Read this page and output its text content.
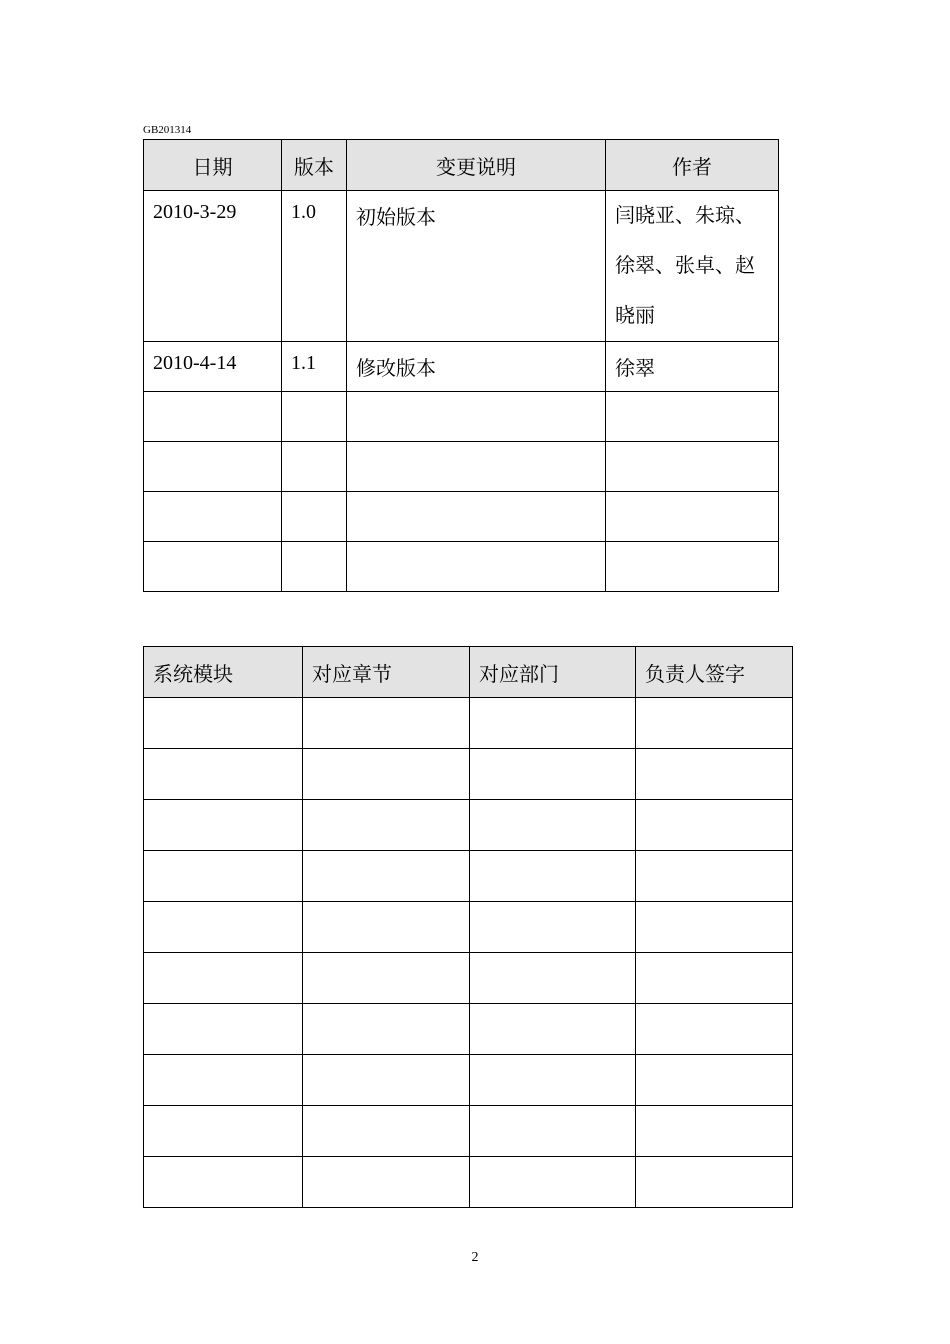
GB201314
日期	版本	变更说明	作者
2010-3-29	1.0	初始版本	闫晓亚、朱琼、徐翠、张卓、赵晓丽
2010-4-14	1.1	修改版本	徐翠

系统模块	对应章节	对应部门	负责人签字

2
